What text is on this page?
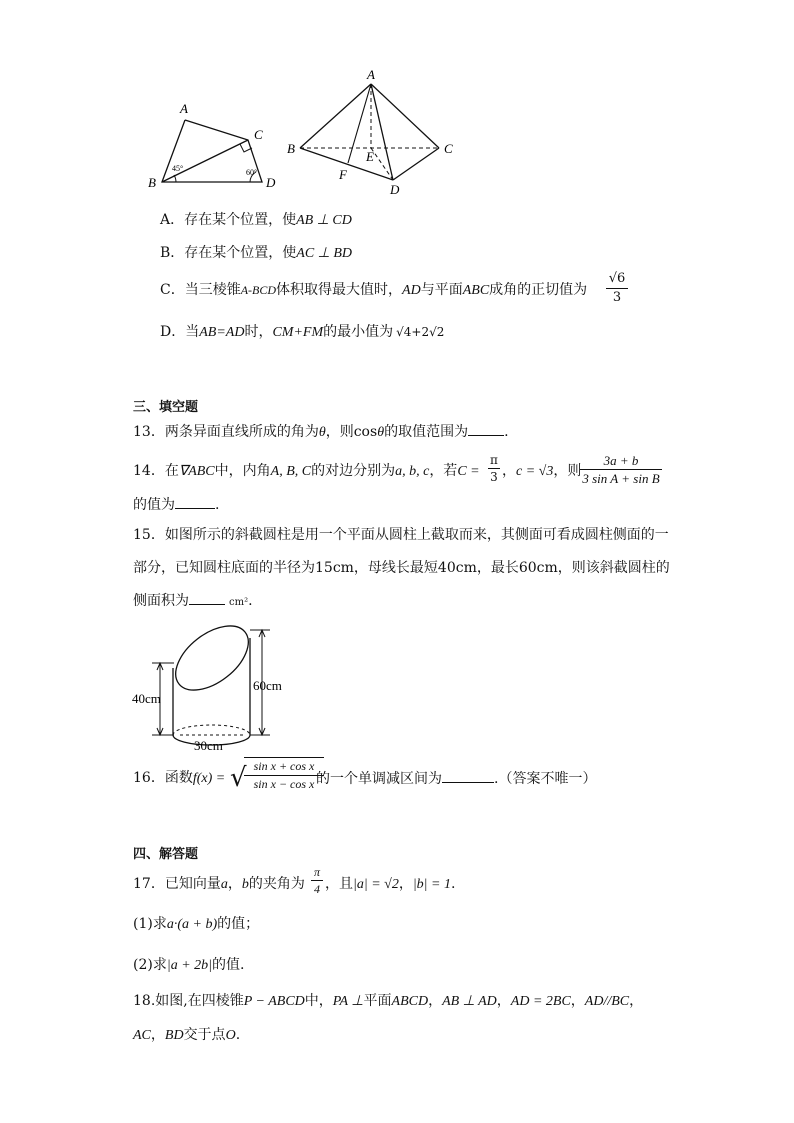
A
B
C
D
45°	60°
A
B	C
D
E
F
A．存在某个位置，使AB ⊥ CD
B．存在某个位置，使AC ⊥ BD
C．当三棱锥A-BCD体积取得最大值时，AD与平面ABC成角的正切值为 $\frac{√6}{3}$
D．当AB=AD时，CM+FM的最小值为 √4+2√2
三、填空题
13．两条异面直线所成的角为θ，则cosθ的取值范围为	.
14．在∇ABC中，内角A, B, C的对边分别为a, b, c，若$C = \frac{\pi}{3}$ ，c = √3，则
$\frac{3a + b}{\text{3 sin A + sin B}}$
的值为	.
15．如图所示的斜截圆柱是用一个平面从圆柱上截取而来，其侧面可看成圆柱侧面的一
部分，已知圆柱底面的半径为15cm，母线长最短40cm，最长60cm，则该斜截圆柱的
侧面积为	cm².
40cm
60cm
30cm
16．函数f(x) = √
$\frac{\text{sin x + cos x}}{\text{sin x − cos x}}$
的一个单调减区间为	.（答案不唯一）
四、解答题
17．已知向量a，b的夹角为 $\frac{\pi}{4}$ ，且|a| = √2，|b| = 1.
(1)求a·(a + b)的值；
(2)求|a + 2b|的值.
18.如图,在四棱锥P − ABCD中，PA ⊥平面ABCD，AB ⊥ AD，AD = 2BC，AD//BC，
AC，BD交于点O.
